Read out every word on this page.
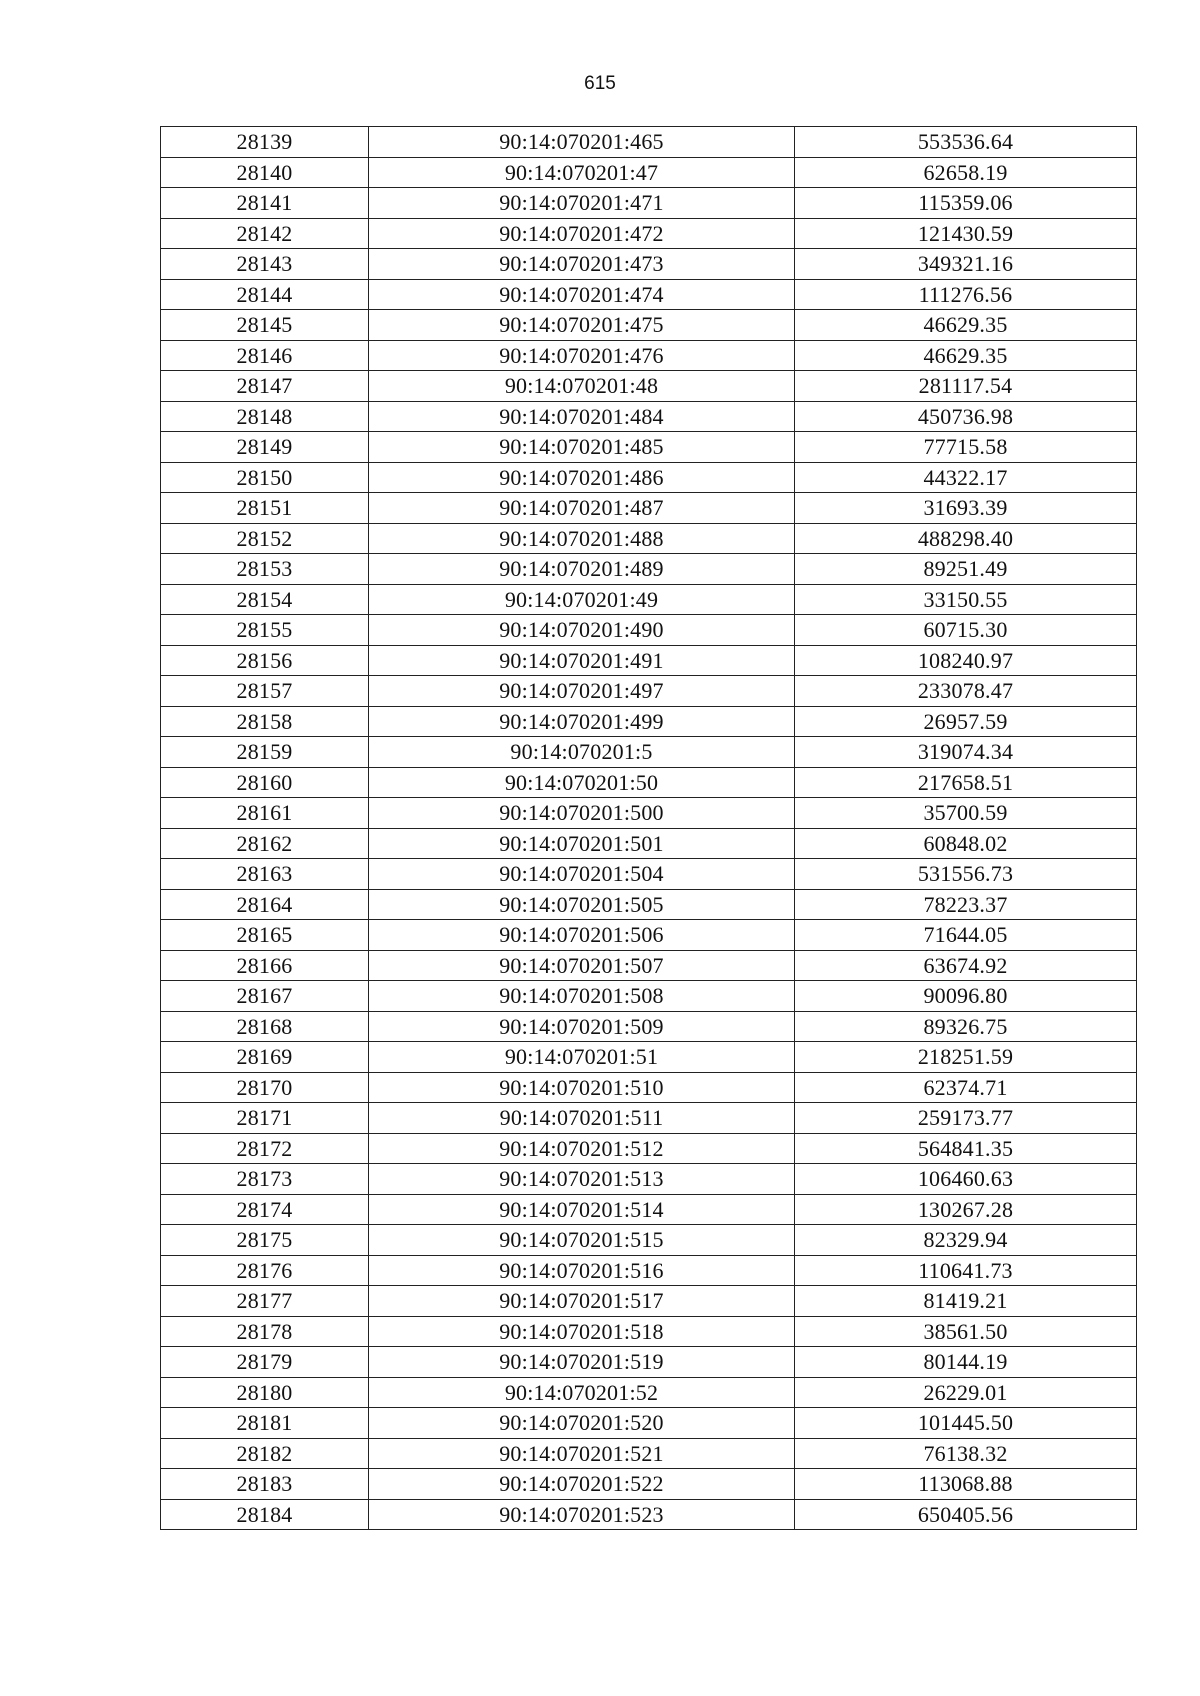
615
28139	90:14:070201:465	553536.64
28140	90:14:070201:47	62658.19
28141	90:14:070201:471	115359.06
28142	90:14:070201:472	121430.59
28143	90:14:070201:473	349321.16
28144	90:14:070201:474	111276.56
28145	90:14:070201:475	46629.35
28146	90:14:070201:476	46629.35
28147	90:14:070201:48	281117.54
28148	90:14:070201:484	450736.98
28149	90:14:070201:485	77715.58
28150	90:14:070201:486	44322.17
28151	90:14:070201:487	31693.39
28152	90:14:070201:488	488298.40
28153	90:14:070201:489	89251.49
28154	90:14:070201:49	33150.55
28155	90:14:070201:490	60715.30
28156	90:14:070201:491	108240.97
28157	90:14:070201:497	233078.47
28158	90:14:070201:499	26957.59
28159	90:14:070201:5	319074.34
28160	90:14:070201:50	217658.51
28161	90:14:070201:500	35700.59
28162	90:14:070201:501	60848.02
28163	90:14:070201:504	531556.73
28164	90:14:070201:505	78223.37
28165	90:14:070201:506	71644.05
28166	90:14:070201:507	63674.92
28167	90:14:070201:508	90096.80
28168	90:14:070201:509	89326.75
28169	90:14:070201:51	218251.59
28170	90:14:070201:510	62374.71
28171	90:14:070201:511	259173.77
28172	90:14:070201:512	564841.35
28173	90:14:070201:513	106460.63
28174	90:14:070201:514	130267.28
28175	90:14:070201:515	82329.94
28176	90:14:070201:516	110641.73
28177	90:14:070201:517	81419.21
28178	90:14:070201:518	38561.50
28179	90:14:070201:519	80144.19
28180	90:14:070201:52	26229.01
28181	90:14:070201:520	101445.50
28182	90:14:070201:521	76138.32
28183	90:14:070201:522	113068.88
28184	90:14:070201:523	650405.56
